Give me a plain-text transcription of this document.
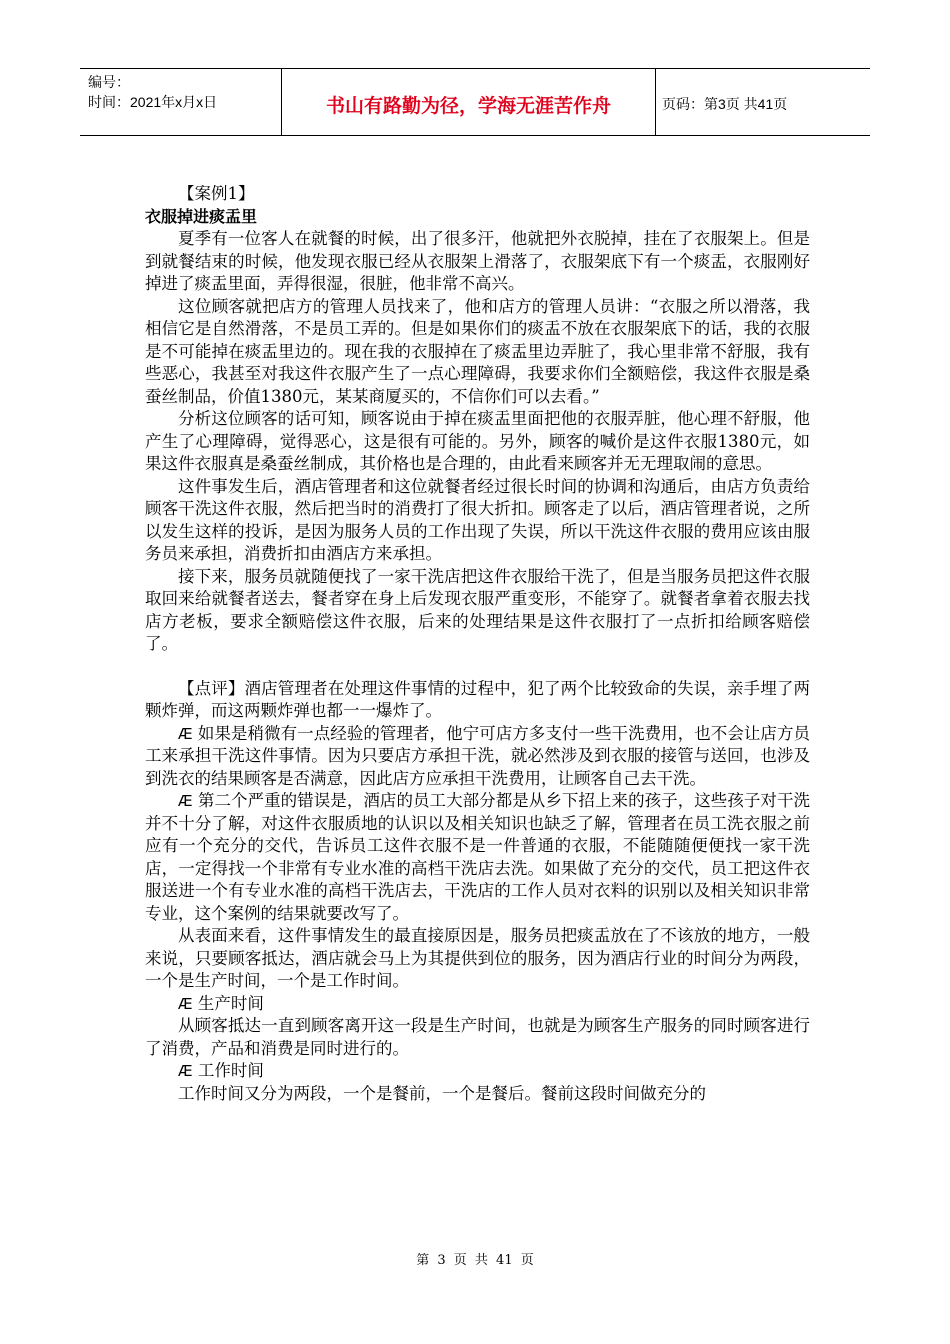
编号：
时间：2021年x月x日	书山有路勤为径，学海无涯苦作舟	页码：第3页 共41页

【案例1】

衣服掉进痰盂里

夏季有一位客人在就餐的时候，出了很多汗，他就把外衣脱掉，挂在了衣服架上。但是到就餐结束的时候，他发现衣服已经从衣服架上滑落了，衣服架底下有一个痰盂，衣服刚好掉进了痰盂里面，弄得很湿，很脏，他非常不高兴。

这位顾客就把店方的管理人员找来了，他和店方的管理人员讲：“衣服之所以滑落，我相信它是自然滑落，不是员工弄的。但是如果你们的痰盂不放在衣服架底下的话，我的衣服是不可能掉在痰盂里边的。现在我的衣服掉在了痰盂里边弄脏了，我心里非常不舒服，我有些恶心，我甚至对我这件衣服产生了一点心理障碍，我要求你们全额赔偿，我这件衣服是桑蚕丝制品，价值1380元，某某商厦买的，不信你们可以去看。”

分析这位顾客的话可知，顾客说由于掉在痰盂里面把他的衣服弄脏，他心理不舒服，他产生了心理障碍，觉得恶心，这是很有可能的。另外，顾客的喊价是这件衣服1380元，如果这件衣服真是桑蚕丝制成，其价格也是合理的，由此看来顾客并无无理取闹的意思。

这件事发生后，酒店管理者和这位就餐者经过很长时间的协调和沟通后，由店方负责给顾客干洗这件衣服，然后把当时的消费打了很大折扣。顾客走了以后，酒店管理者说，之所以发生这样的投诉，是因为服务人员的工作出现了失误，所以干洗这件衣服的费用应该由服务员来承担，消费折扣由酒店方来承担。

接下来，服务员就随便找了一家干洗店把这件衣服给干洗了，但是当服务员把这件衣服取回来给就餐者送去，餐者穿在身上后发现衣服严重变形，不能穿了。就餐者拿着衣服去找店方老板，要求全额赔偿这件衣服，后来的处理结果是这件衣服打了一点折扣给顾客赔偿了。

【点评】酒店管理者在处理这件事情的过程中，犯了两个比较致命的失误，亲手埋了两颗炸弹，而这两颗炸弹也都一一爆炸了。

Æ 如果是稍微有一点经验的管理者，他宁可店方多支付一些干洗费用，也不会让店方员工来承担干洗这件事情。因为只要店方承担干洗，就必然涉及到衣服的接管与送回，也涉及到洗衣的结果顾客是否满意，因此店方应承担干洗费用，让顾客自己去干洗。

Æ 第二个严重的错误是，酒店的员工大部分都是从乡下招上来的孩子，这些孩子对干洗并不十分了解，对这件衣服质地的认识以及相关知识也缺乏了解，管理者在员工洗衣服之前应有一个充分的交代，告诉员工这件衣服不是一件普通的衣服，不能随随便便找一家干洗店，一定得找一个非常有专业水准的高档干洗店去洗。如果做了充分的交代，员工把这件衣服送进一个有专业水准的高档干洗店去，干洗店的工作人员对衣料的识别以及相关知识非常专业，这个案例的结果就要改写了。

从表面来看，这件事情发生的最直接原因是，服务员把痰盂放在了不该放的地方，一般来说，只要顾客抵达，酒店就会马上为其提供到位的服务，因为酒店行业的时间分为两段，一个是生产时间，一个是工作时间。

Æ 生产时间

从顾客抵达一直到顾客离开这一段是生产时间，也就是为顾客生产服务的同时顾客进行了消费，产品和消费是同时进行的。

Æ 工作时间

工作时间又分为两段，一个是餐前，一个是餐后。餐前这段时间做充分的

第 3 页 共 41 页
